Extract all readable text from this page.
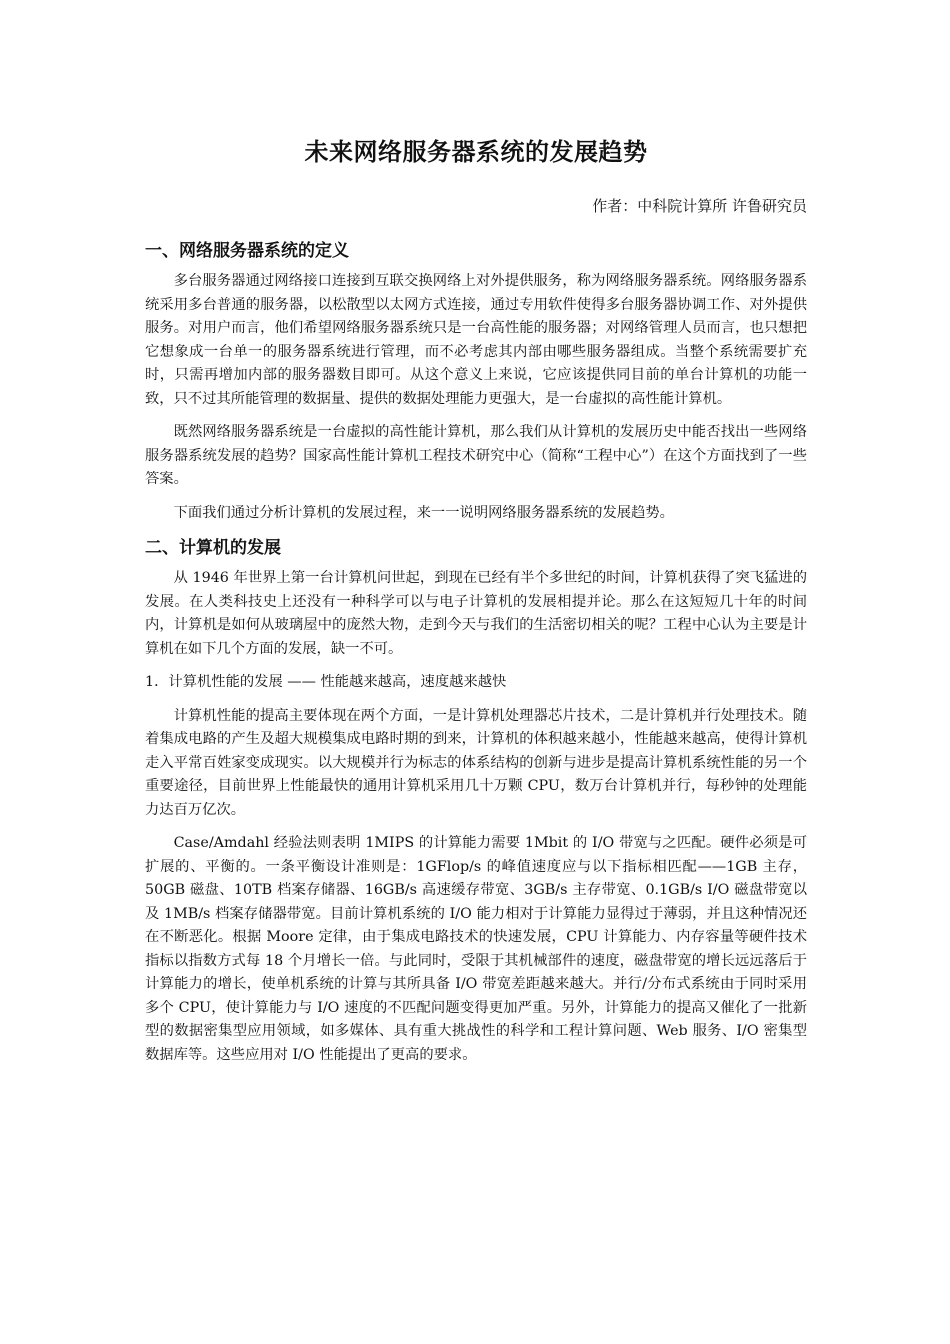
未来网络服务器系统的发展趋势
作者：中科院计算所 许鲁研究员
一、网络服务器系统的定义

多台服务器通过网络接口连接到互联交换网络上对外提供服务，称为网络服务器系统。网络服务器系统采用多台普通的服务器，以松散型以太网方式连接，通过专用软件使得多台服务器协调工作、对外提供服务。对用户而言，他们希望网络服务器系统只是一台高性能的服务器；对网络管理人员而言，也只想把它想象成一台单一的服务器系统进行管理，而不必考虑其内部由哪些服务器组成。当整个系统需要扩充时，只需再增加内部的服务器数目即可。从这个意义上来说，它应该提供同目前的单台计算机的功能一致，只不过其所能管理的数据量、提供的数据处理能力更强大，是一台虚拟的高性能计算机。

既然网络服务器系统是一台虚拟的高性能计算机，那么我们从计算机的发展历史中能否找出一些网络服务器系统发展的趋势？国家高性能计算机工程技术研究中心（简称“工程中心”）在这个方面找到了一些答案。

下面我们通过分析计算机的发展过程，来一一说明网络服务器系统的发展趋势。

二、计算机的发展

从 1946 年世界上第一台计算机问世起，到现在已经有半个多世纪的时间，计算机获得了突飞猛进的发展。在人类科技史上还没有一种科学可以与电子计算机的发展相提并论。那么在这短短几十年的时间内，计算机是如何从玻璃屋中的庞然大物，走到今天与我们的生活密切相关的呢？工程中心认为主要是计算机在如下几个方面的发展，缺一不可。

1．计算机性能的发展 —— 性能越来越高，速度越来越快

计算机性能的提高主要体现在两个方面，一是计算机处理器芯片技术，二是计算机并行处理技术。随着集成电路的产生及超大规模集成电路时期的到来，计算机的体积越来越小，性能越来越高，使得计算机走入平常百姓家变成现实。以大规模并行为标志的体系结构的创新与进步是提高计算机系统性能的另一个重要途径，目前世界上性能最快的通用计算机采用几十万颗 CPU，数万台计算机并行，每秒钟的处理能力达百万亿次。

Case/Amdahl 经验法则表明 1MIPS 的计算能力需要 1Mbit 的 I/O 带宽与之匹配。硬件必须是可扩展的、平衡的。一条平衡设计准则是：1GFlop/s 的峰值速度应与以下指标相匹配——1GB 主存，50GB 磁盘、10TB 档案存储器、16GB/s 高速缓存带宽、3GB/s 主存带宽、0.1GB/s I/O 磁盘带宽以及 1MB/s 档案存储器带宽。目前计算机系统的 I/O 能力相对于计算能力显得过于薄弱，并且这种情况还在不断恶化。根据 Moore 定律，由于集成电路技术的快速发展，CPU 计算能力、内存容量等硬件技术指标以指数方式每 18 个月增长一倍。与此同时，受限于其机械部件的速度，磁盘带宽的增长远远落后于计算能力的增长，使单机系统的计算与其所具备 I/O 带宽差距越来越大。并行/分布式系统由于同时采用多个 CPU，使计算能力与 I/O 速度的不匹配问题变得更加严重。另外，计算能力的提高又催化了一批新型的数据密集型应用领域，如多媒体、具有重大挑战性的科学和工程计算问题、Web 服务、I/O 密集型数据库等。这些应用对 I/O 性能提出了更高的要求。
